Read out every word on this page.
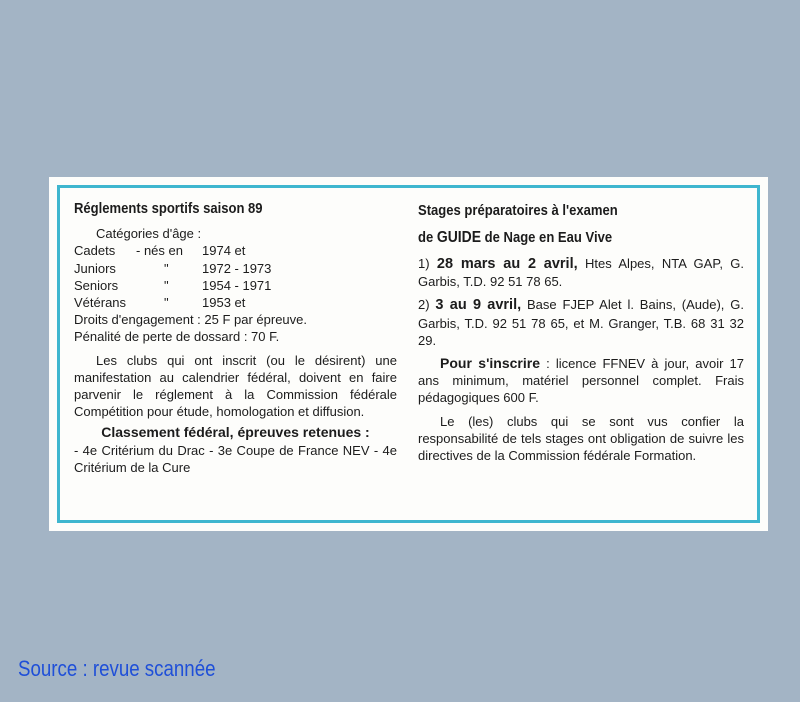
Réglements sportifs saison 89
Catégories d'âge :
Cadets	- nés en	1974 et
Juniors	"	1972 - 1973
Seniors	"	1954 - 1971
Vétérans	"	1953 et
Droits d'engagement : 25 F par épreuve.
Pénalité de perte de dossard : 70 F.
Les clubs qui ont inscrit (ou le désirent) une manifestation au calendrier fédéral, doivent en faire parvenir le réglement à la Commission fédérale Compétition pour étude, homologation et diffusion.
Classement fédéral, épreuves retenues :
- 4e Critérium du Drac - 3e Coupe de France NEV - 4e Critérium de la Cure
Stages préparatoires à l'examen
de GUIDE de Nage en Eau Vive
1) 28 mars au 2 avril, Htes Alpes, NTA GAP, G. Garbis, T.D. 92 51 78 65.
2) 3 au 9 avril, Base FJEP Alet l. Bains, (Aude), G. Garbis, T.D. 92 51 78 65, et M. Granger, T.B. 68 31 32 29.
Pour s'inscrire : licence FFNEV à jour, avoir 17 ans minimum, matériel personnel complet. Frais pédagogiques 600 F.
Le (les) clubs qui se sont vus confier la responsabilité de tels stages ont obligation de suivre les directives de la Commission fédérale Formation.
Source : revue scannée
